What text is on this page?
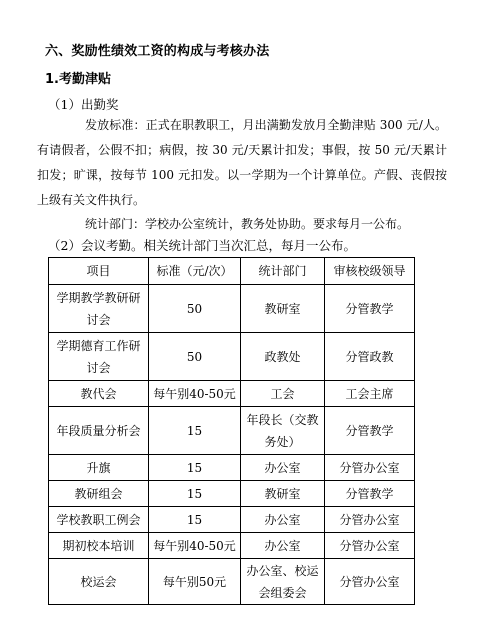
六、奖励性绩效工资的构成与考核办法
1.考勤津贴
（1）出勤奖
发放标准：正式在职教职工，月出满勤发放月全勤津贴 300 元/人。有请假者，公假不扣；病假，按 30 元/天累计扣发；事假，按 50 元/天累计扣发；旷课，按每节 100 元扣发。以一学期为一个计算单位。产假、丧假按上级有关文件执行。
统计部门：学校办公室统计，教务处协助。要求每月一公布。
（2）会议考勤。相关统计部门当次汇总，每月一公布。
项目	标准（元/次）	统计部门	审核校级领导
学期教学教研研讨会	50	教研室	分管教学
学期德育工作研讨会	50	政教处	分管政教
教代会	每午别40-50元	工会	工会主席
年段质量分析会	15	年段长（交教务处）	分管教学
升旗	15	办公室	分管办公室
教研组会	15	教研室	分管教学
学校教职工例会	15	办公室	分管办公室
期初校本培训	每午别40-50元	办公室	分管办公室
校运会	每午别50元	办公室、校运会组委会	分管办公室
